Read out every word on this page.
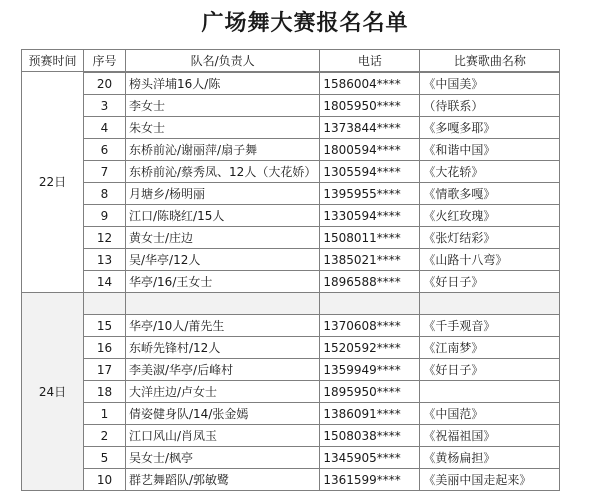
广场舞大赛报名名单
预赛时间	序号	队名/负责人	电话	比赛歌曲名称
22日				
	20	榜头洋埔16人/陈	1586004****	《中国美》
	3	李女士	1805950****	（待联系）
	4	朱女士	1373844****	《多嘎多耶》
	6	东桥前沁/谢丽萍/扇子舞	1800594****	《和谐中国》
	7	东桥前沁/蔡秀凤、12人（大花娇）	1305594****	《大花轿》
	8	月塘乡/杨明丽	1395955****	《情歌多嘎》
	9	江口/陈晓红/15人	1330594****	《火红玫瑰》
	12	黄女士/庄边	1508011****	《张灯结彩》
	13	吴/华亭/12人	1385021****	《山路十八弯》
	14	华亭/16/王女士	1896588****	《好日子》
24日				
	15	华亭/10人/莆先生	1370608****	《千手观音》
	16	东峤先锋村/12人	1520592****	《江南梦》
	17	李美淑/华亭/后峰村	1359949****	《好日子》
	18	大洋庄边/卢女士	1895950****	
	1	倩姿健身队/14/张金嫣	1386091****	《中国范》
	2	江口风山/肖凤玉	1508038****	《祝福祖国》
	5	吴女士/枫亭	1345905****	《黄杨扁担》
	10	群艺舞蹈队/郭敏鹭	1361599****	《美丽中国走起来》
